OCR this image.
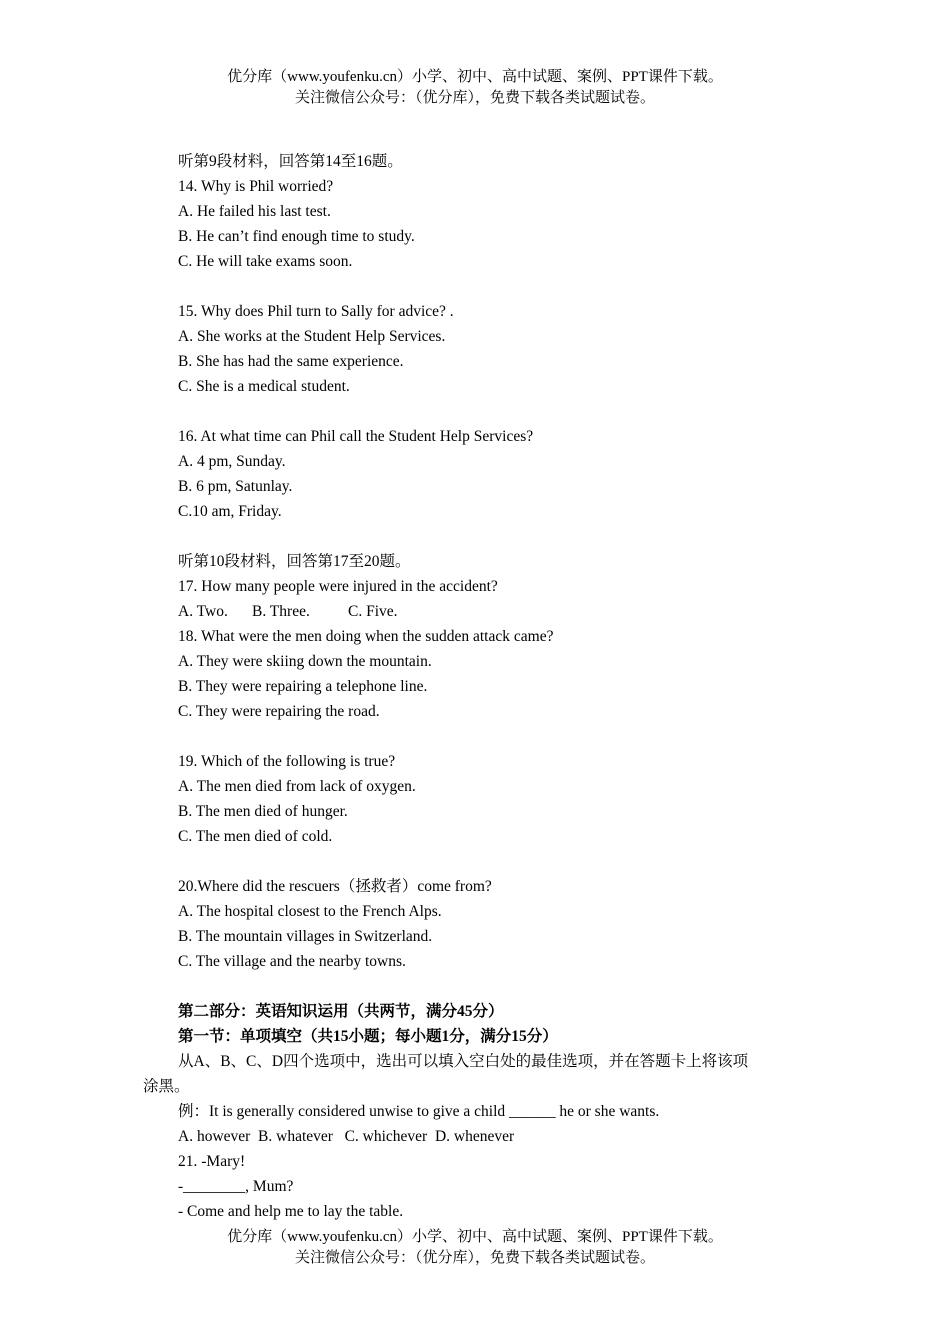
优分库（www.youfenku.cn）小学、初中、高中试题、案例、PPT课件下载。
关注微信公众号：（优分库），免费下载各类试题试卷。
听第9段材料，回答第14至16题。
14. Why is Phil worried?
A. He failed his last test.
B. He can’t find enough time to study.
C. He will take exams soon.
15. Why does Phil turn to Sally for advice? .
A. She works at the Student Help Services.
B. She has had the same experience.
C. She is a medical student.
16. At what time can Phil call the Student Help Services?
A. 4 pm, Sunday.
B. 6 pm, Satunlay.
C.10 am, Friday.
听第10段材料，回答第17至20题。
17. How many people were injured in the accident?
A. Two. B. Three. C. Five.
18. What were the men doing when the sudden attack came?
A. They were skiing down the mountain.
B. They were repairing a telephone line.
C. They were repairing the road.
19. Which of the following is true?
A. The men died from lack of oxygen.
B. The men died of hunger.
C. The men died of cold.
20.Where did the rescuers（拯救者）come from?
A. The hospital closest to the French Alps.
B. The mountain villages in Switzerland.
C. The village and the nearby towns.
第二部分：英语知识运用（共两节，满分45分）
第一节：单项填空（共15小题；每小题1分，满分15分）
从A、B、C、D四个选项中，选出可以填入空白处的最佳选项，并在答题卡上将该项
涂黑。
例：It is generally considered unwise to give a child ______ he or she wants.
A. however  B. whatever   C. whichever  D. whenever
21. -Mary!
-________, Mum?
- Come and help me to lay the table.
优分库（www.youfenku.cn）小学、初中、高中试题、案例、PPT课件下载。
关注微信公众号：（优分库），免费下载各类试题试卷。
